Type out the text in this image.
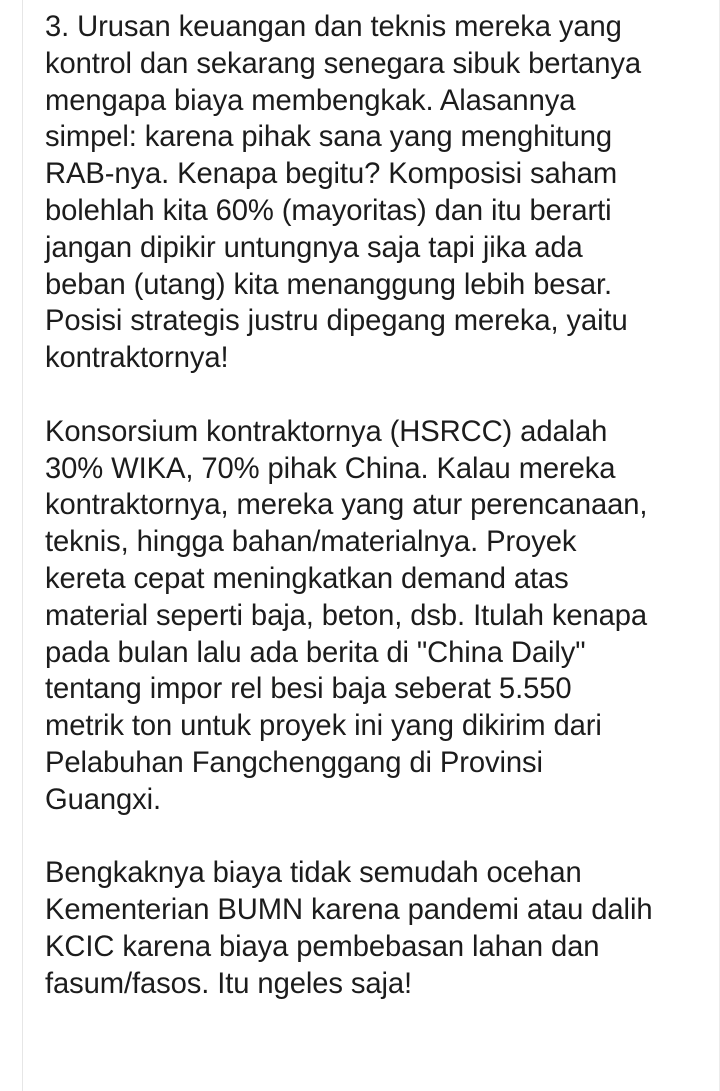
3. Urusan keuangan dan teknis mereka yang
kontrol dan sekarang senegara sibuk bertanya
mengapa biaya membengkak. Alasannya
simpel: karena pihak sana yang menghitung
RAB-nya. Kenapa begitu? Komposisi saham
bolehlah kita 60% (mayoritas) dan itu berarti
jangan dipikir untungnya saja tapi jika ada
beban (utang) kita menanggung lebih besar.
Posisi strategis justru dipegang mereka, yaitu
kontraktornya!

Konsorsium kontraktornya (HSRCC) adalah
30% WIKA, 70% pihak China. Kalau mereka
kontraktornya, mereka yang atur perencanaan,
teknis, hingga bahan/materialnya. Proyek
kereta cepat meningkatkan demand atas
material seperti baja, beton, dsb. Itulah kenapa
pada bulan lalu ada berita di "China Daily"
tentang impor rel besi baja seberat 5.550
metrik ton untuk proyek ini yang dikirim dari
Pelabuhan Fangchenggang di Provinsi
Guangxi.

Bengkaknya biaya tidak semudah ocehan
Kementerian BUMN karena pandemi atau dalih
KCIC karena biaya pembebasan lahan dan
fasum/fasos. Itu ngeles saja!
